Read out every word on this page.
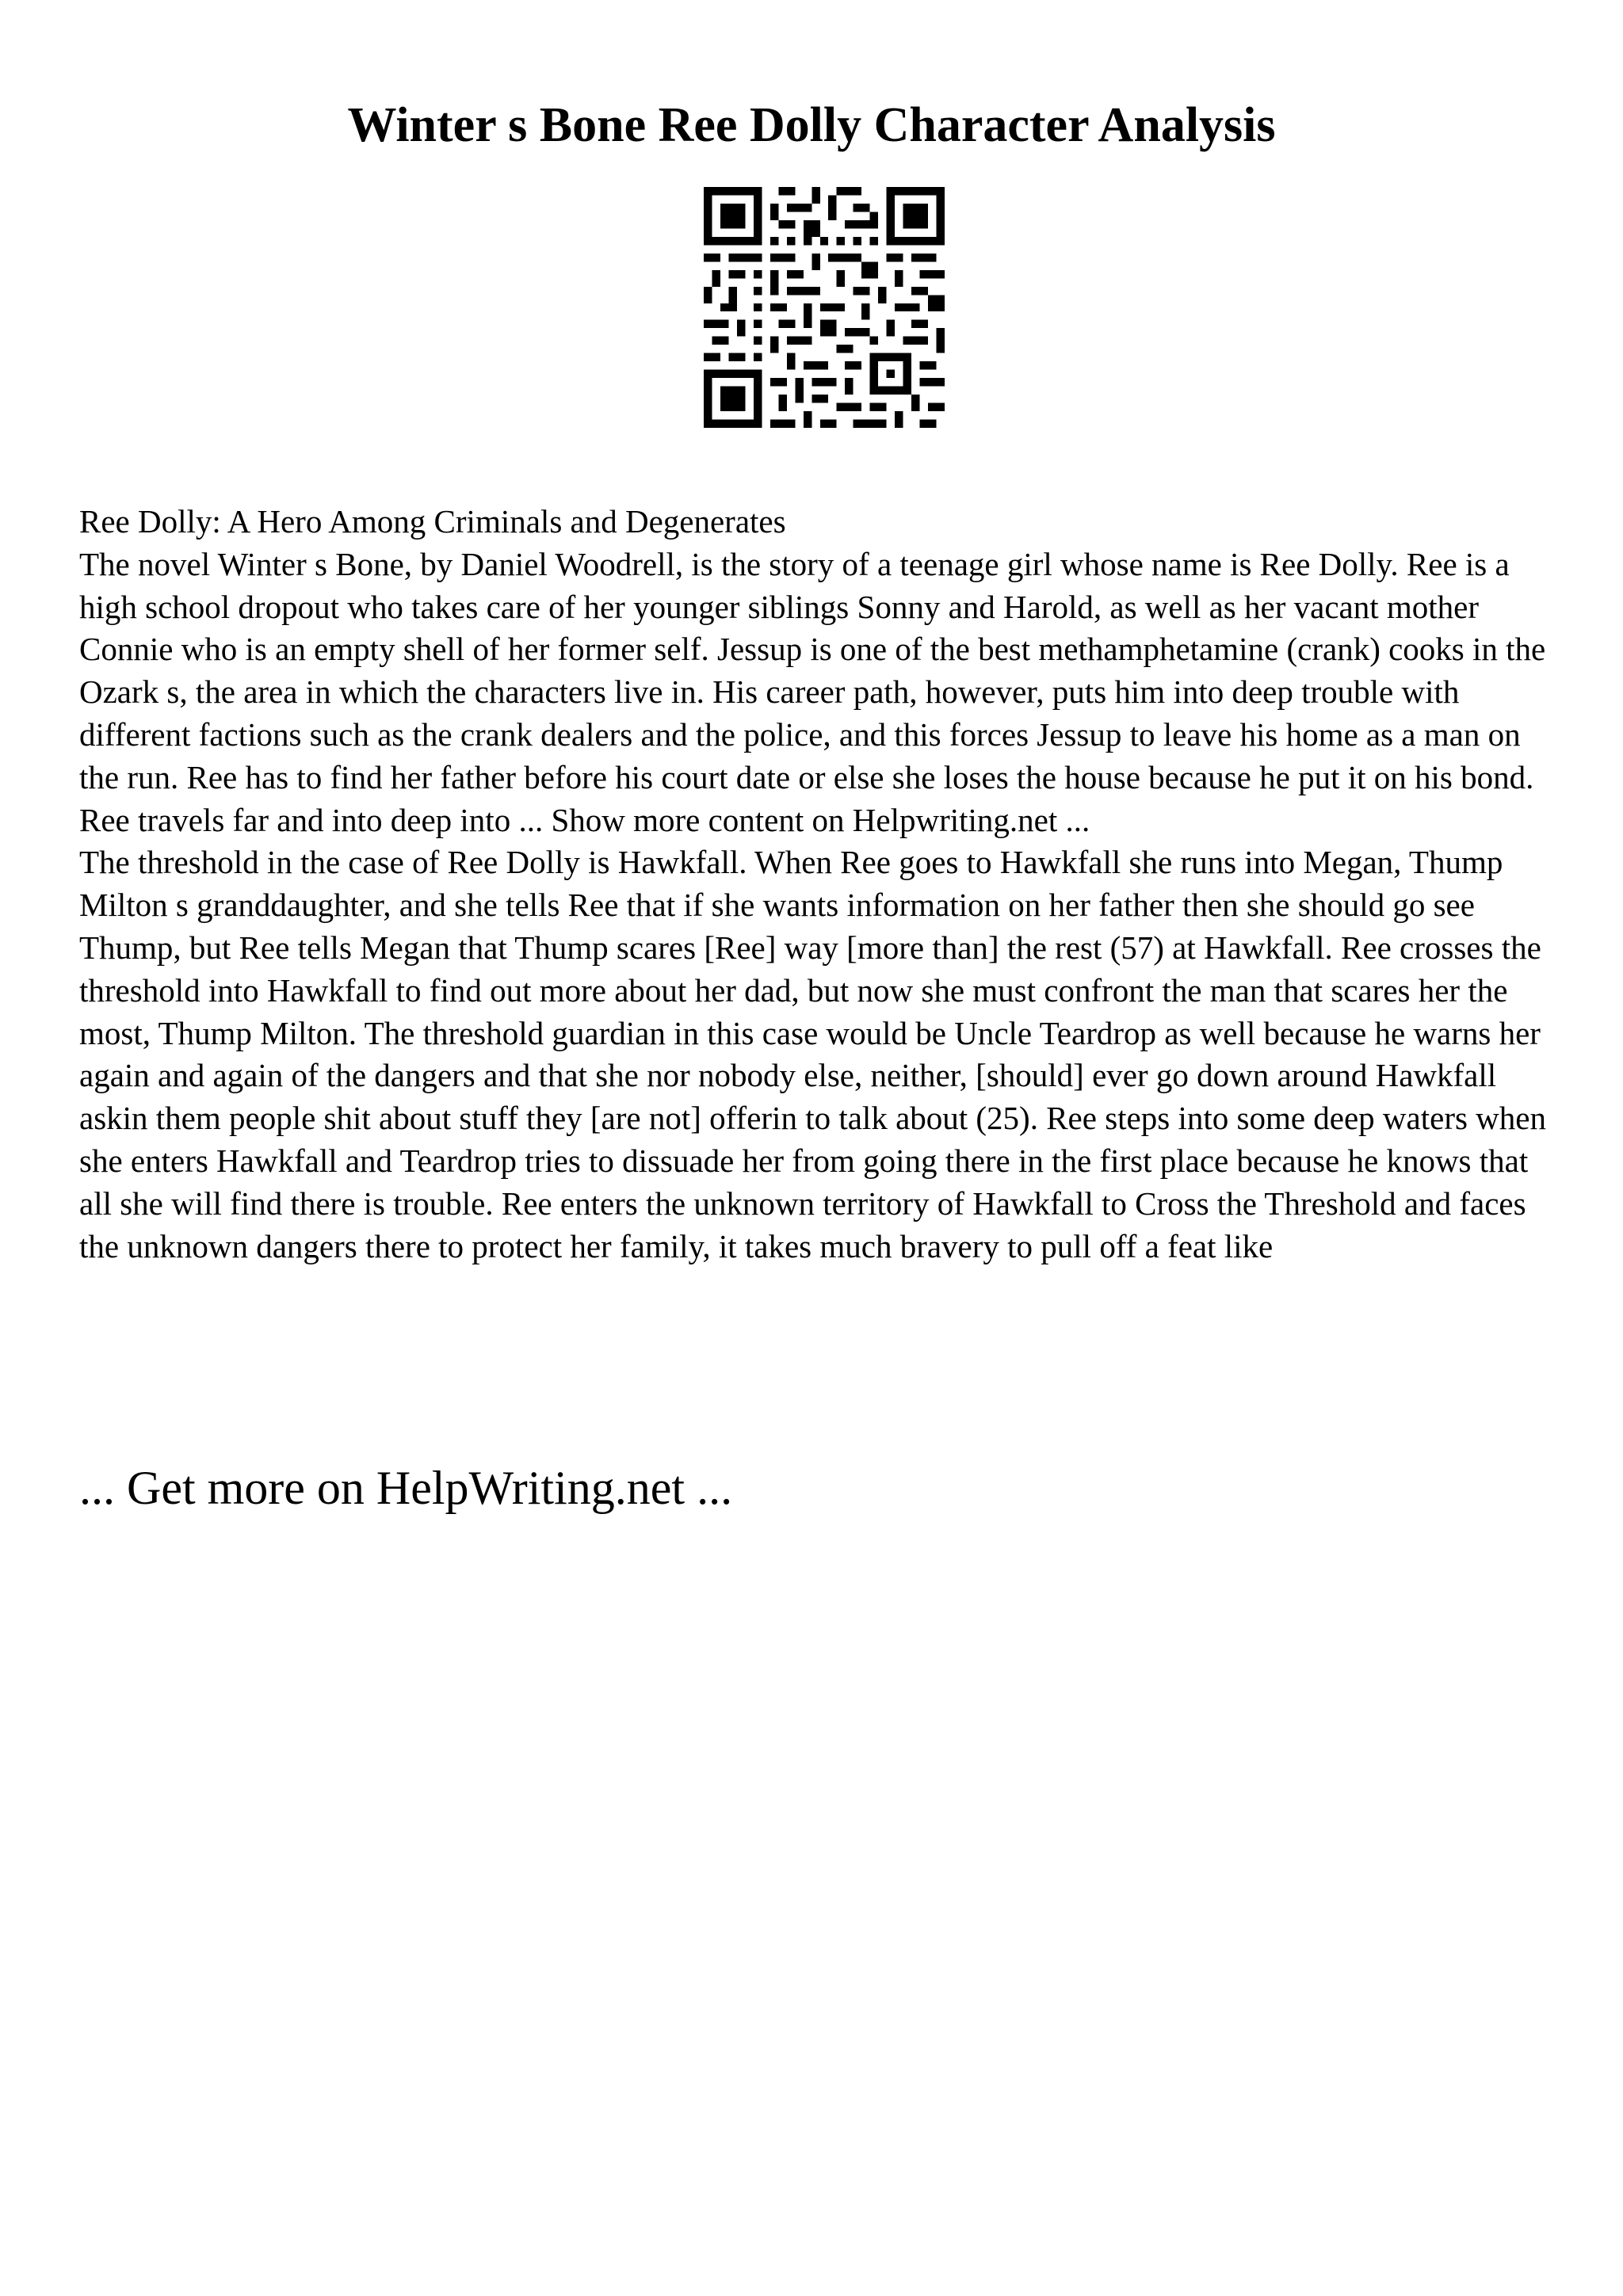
Winter s Bone Ree Dolly Character Analysis

Ree Dolly: A Hero Among Criminals and Degenerates

The novel Winter s Bone, by Daniel Woodrell, is the story of a teenage girl whose name is Ree Dolly. Ree is a high school dropout who takes care of her younger siblings Sonny and Harold, as well as her vacant mother Connie who is an empty shell of her former self. Jessup is one of the best methamphetamine (crank) cooks in the Ozark s, the area in which the characters live in. His career path, however, puts him into deep trouble with different factions such as the crank dealers and the police, and this forces Jessup to leave his home as a man on the run. Ree has to find her father before his court date or else she loses the house because he put it on his bond. Ree travels far and into deep into ... Show more content on Helpwriting.net ...

The threshold in the case of Ree Dolly is Hawkfall. When Ree goes to Hawkfall she runs into Megan, Thump Milton s granddaughter, and she tells Ree that if she wants information on her father then she should go see Thump, but Ree tells Megan that Thump scares [Ree] way [more than] the rest (57) at Hawkfall. Ree crosses the threshold into Hawkfall to find out more about her dad, but now she must confront the man that scares her the most, Thump Milton. The threshold guardian in this case would be Uncle Teardrop as well because he warns her again and again of the dangers and that she nor nobody else, neither, [should] ever go down around Hawkfall askin them people shit about stuff they [are not] offerin to talk about (25). Ree steps into some deep waters when she enters Hawkfall and Teardrop tries to dissuade her from going there in the first place because he knows that all she will find there is trouble. Ree enters the unknown territory of Hawkfall to Cross the Threshold and faces the unknown dangers there to protect her family, it takes much bravery to pull off a feat like

... Get more on HelpWriting.net ...
